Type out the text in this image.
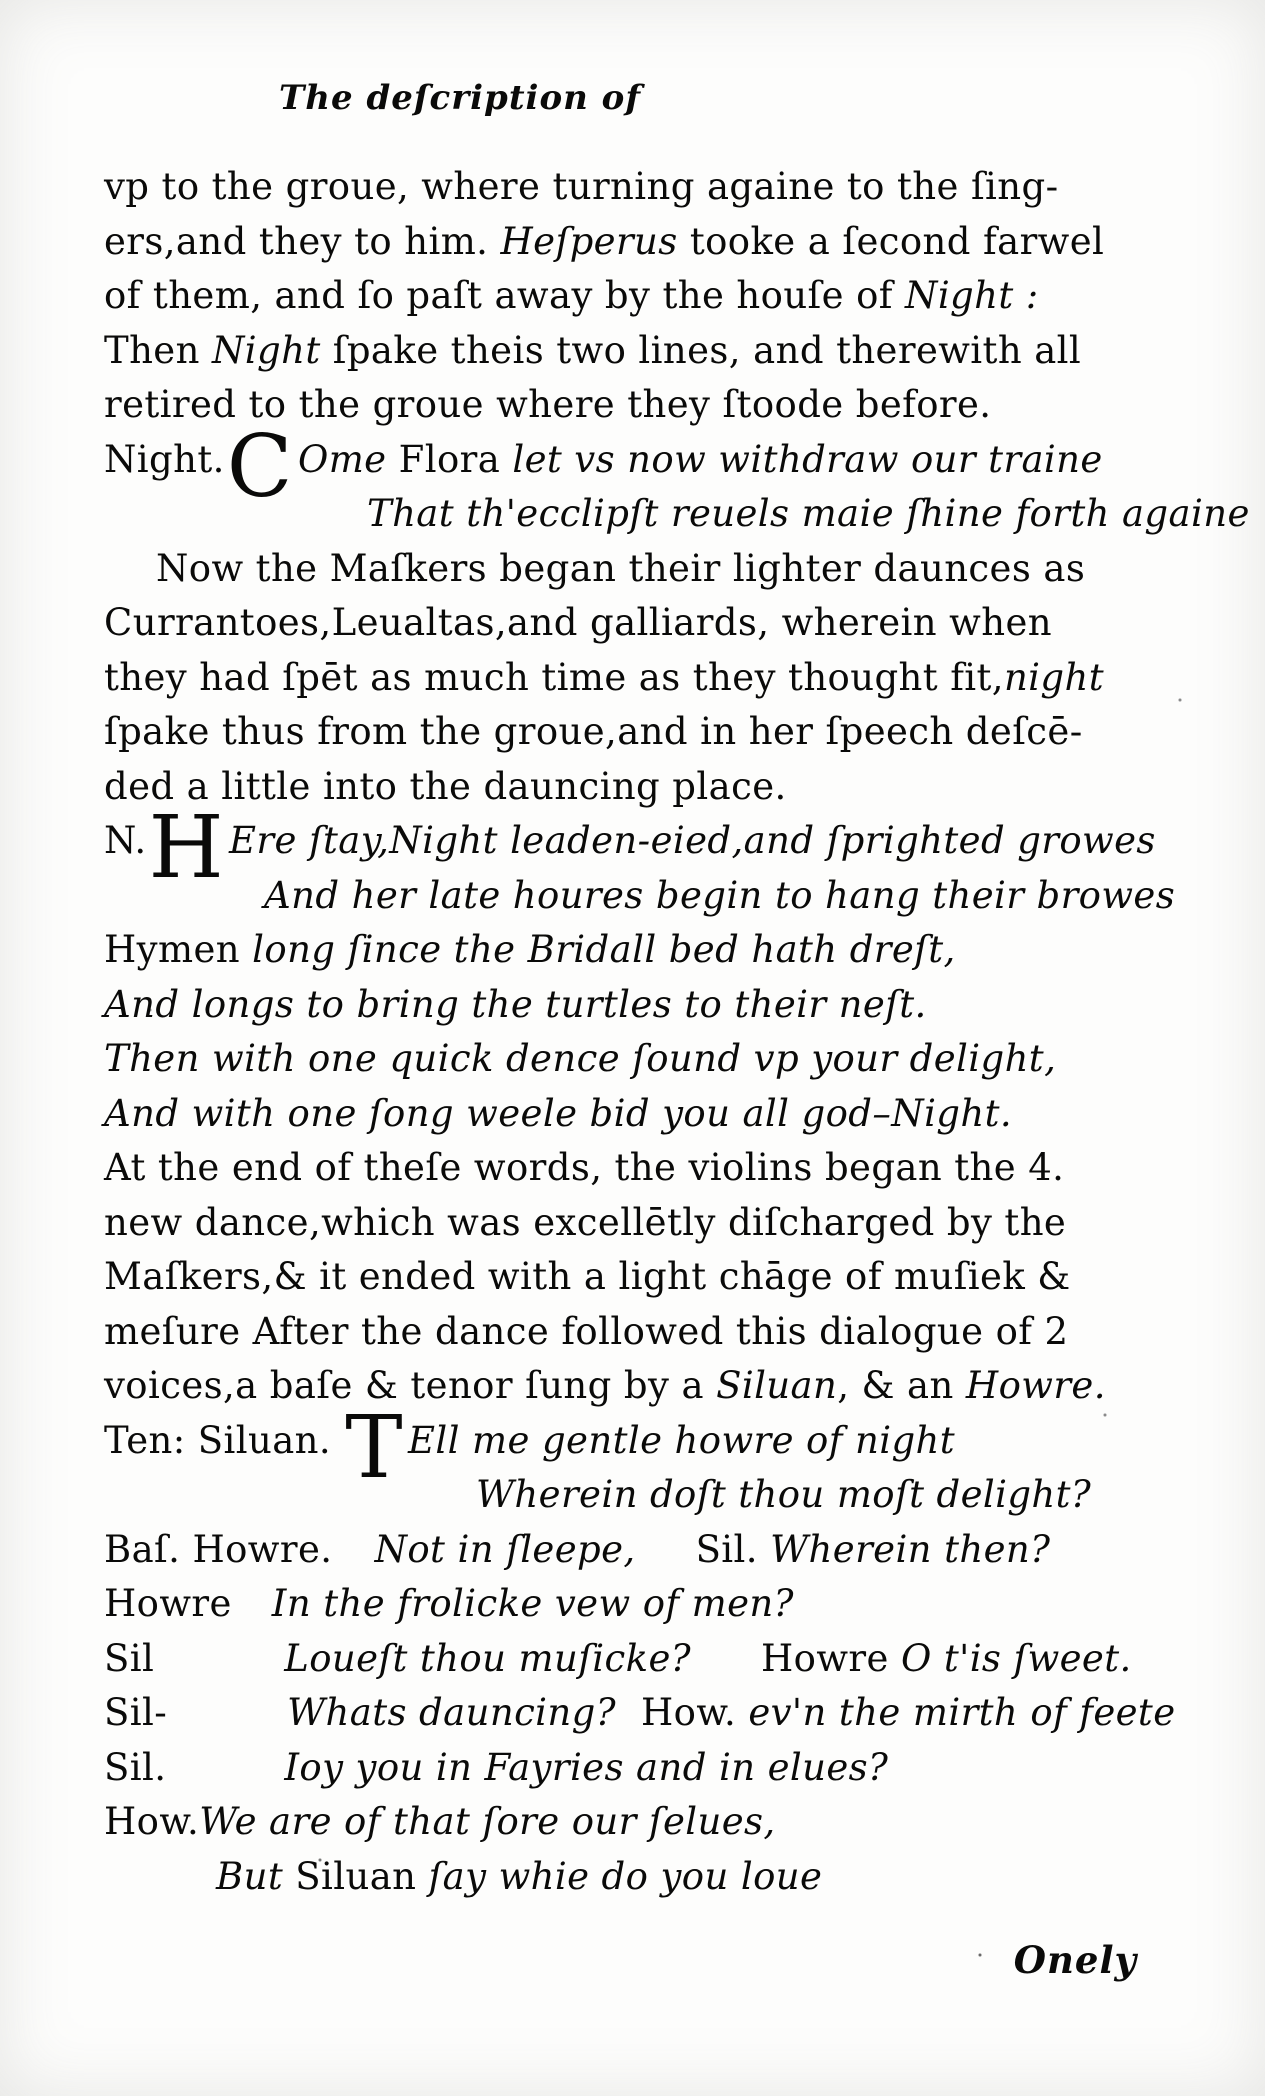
The deſcription of
vp to the groue, where turning againe to the ſing-
ers,and they to him. Heſperus tooke a ſecond farwel
of them, and ſo paſt away by the houſe of Night :
Then Night ſpake theis two lines, and therewith all
retired to the groue where they ſtoode before.
Night.C Ome Flora let vs now withdraw our traine
That th'ecclipſt reuels maie ſhine forth againe
Now the Maſkers began their lighter daunces as
Currantoes,Leualtas,and galliards, wherein when
they had ſpēt as much time as they thought fit,night
ſpake thus from the groue,and in her ſpeech deſcē-
ded a little into the dauncing place.
N.H Ere ſtay,Night leaden-eied,and ſprighted growes
And her late houres begin to hang their browes
Hymen long ſince the Bridall bed hath dreſt,
And longs to bring the turtles to their neſt.
Then with one quick dence ſound vp your delight,
And with one ſong weele bid you all god–Night.
At the end of theſe words, the violins began the 4.
new dance,which was excellētly diſcharged by the
Maſkers,& it ended with a light chāge of muſiek &
meſure After the dance followed this dialogue of 2
voices,a baſe & tenor ſung by a Siluan, & an Howre.
Ten: Siluan. T Ell me gentle howre of night
Wherein doſt thou moſt delight?
Baſ. Howre. Not in ſleepe, Sil. Wherein then?
Howre In the frolicke vew of men?
Sil	Loueſt thou muſicke? Howre O t'is ſweet.
Sil-	Whats dauncing? How. ev'n the mirth of feete
Sil.	Ioy you in Fayries and in elues?
How.We are of that ſore our ſelues,
But Siluan ſay whie do you loue
Onely
